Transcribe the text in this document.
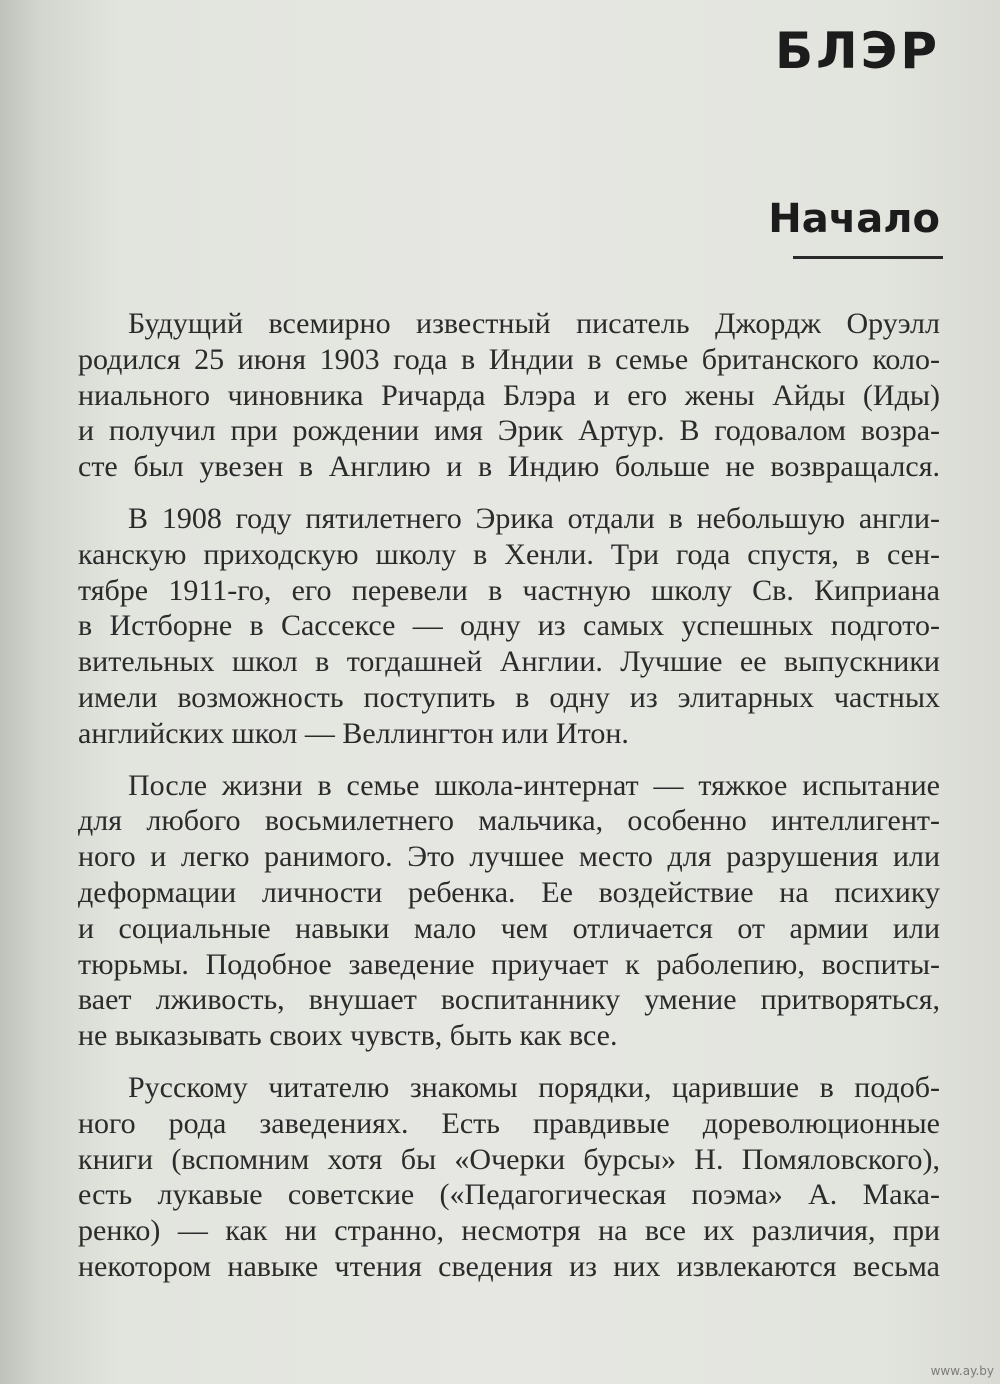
БЛЭР
Начало

Будущий всемирно известный писатель Джордж Оруэлл
родился 25 июня 1903 года в Индии в семье британского коло-
ниального чиновника Ричарда Блэра и его жены Айды (Иды)
и получил при рождении имя Эрик Артур. В годовалом возра-
сте был увезен в Англию и в Индию больше не возвращался.

В 1908 году пятилетнего Эрика отдали в небольшую англи-
канскую приходскую школу в Хенли. Три года спустя, в сен-
тябре 1911-го, его перевели в частную школу Св. Киприана
в Истборне в Сассексе — одну из самых успешных подгото-
вительных школ в тогдашней Англии. Лучшие ее выпускники
имели возможность поступить в одну из элитарных частных
английских школ — Веллингтон или Итон.

После жизни в семье школа-интернат — тяжкое испытание
для любого восьмилетнего мальчика, особенно интеллигент-
ного и легко ранимого. Это лучшее место для разрушения или
деформации личности ребенка. Ее воздействие на психику
и социальные навыки мало чем отличается от армии или
тюрьмы. Подобное заведение приучает к раболепию, воспиты-
вает лживость, внушает воспитаннику умение притворяться,
не выказывать своих чувств, быть как все.

Русскому читателю знакомы порядки, царившие в подоб-
ного рода заведениях. Есть правдивые дореволюционные
книги (вспомним хотя бы «Очерки бурсы» Н. Помяловского),
есть лукавые советские («Педагогическая поэма» А. Мака-
ренко) — как ни странно, несмотря на все их различия, при
некотором навыке чтения сведения из них извлекаются весьма

www.ay.by
